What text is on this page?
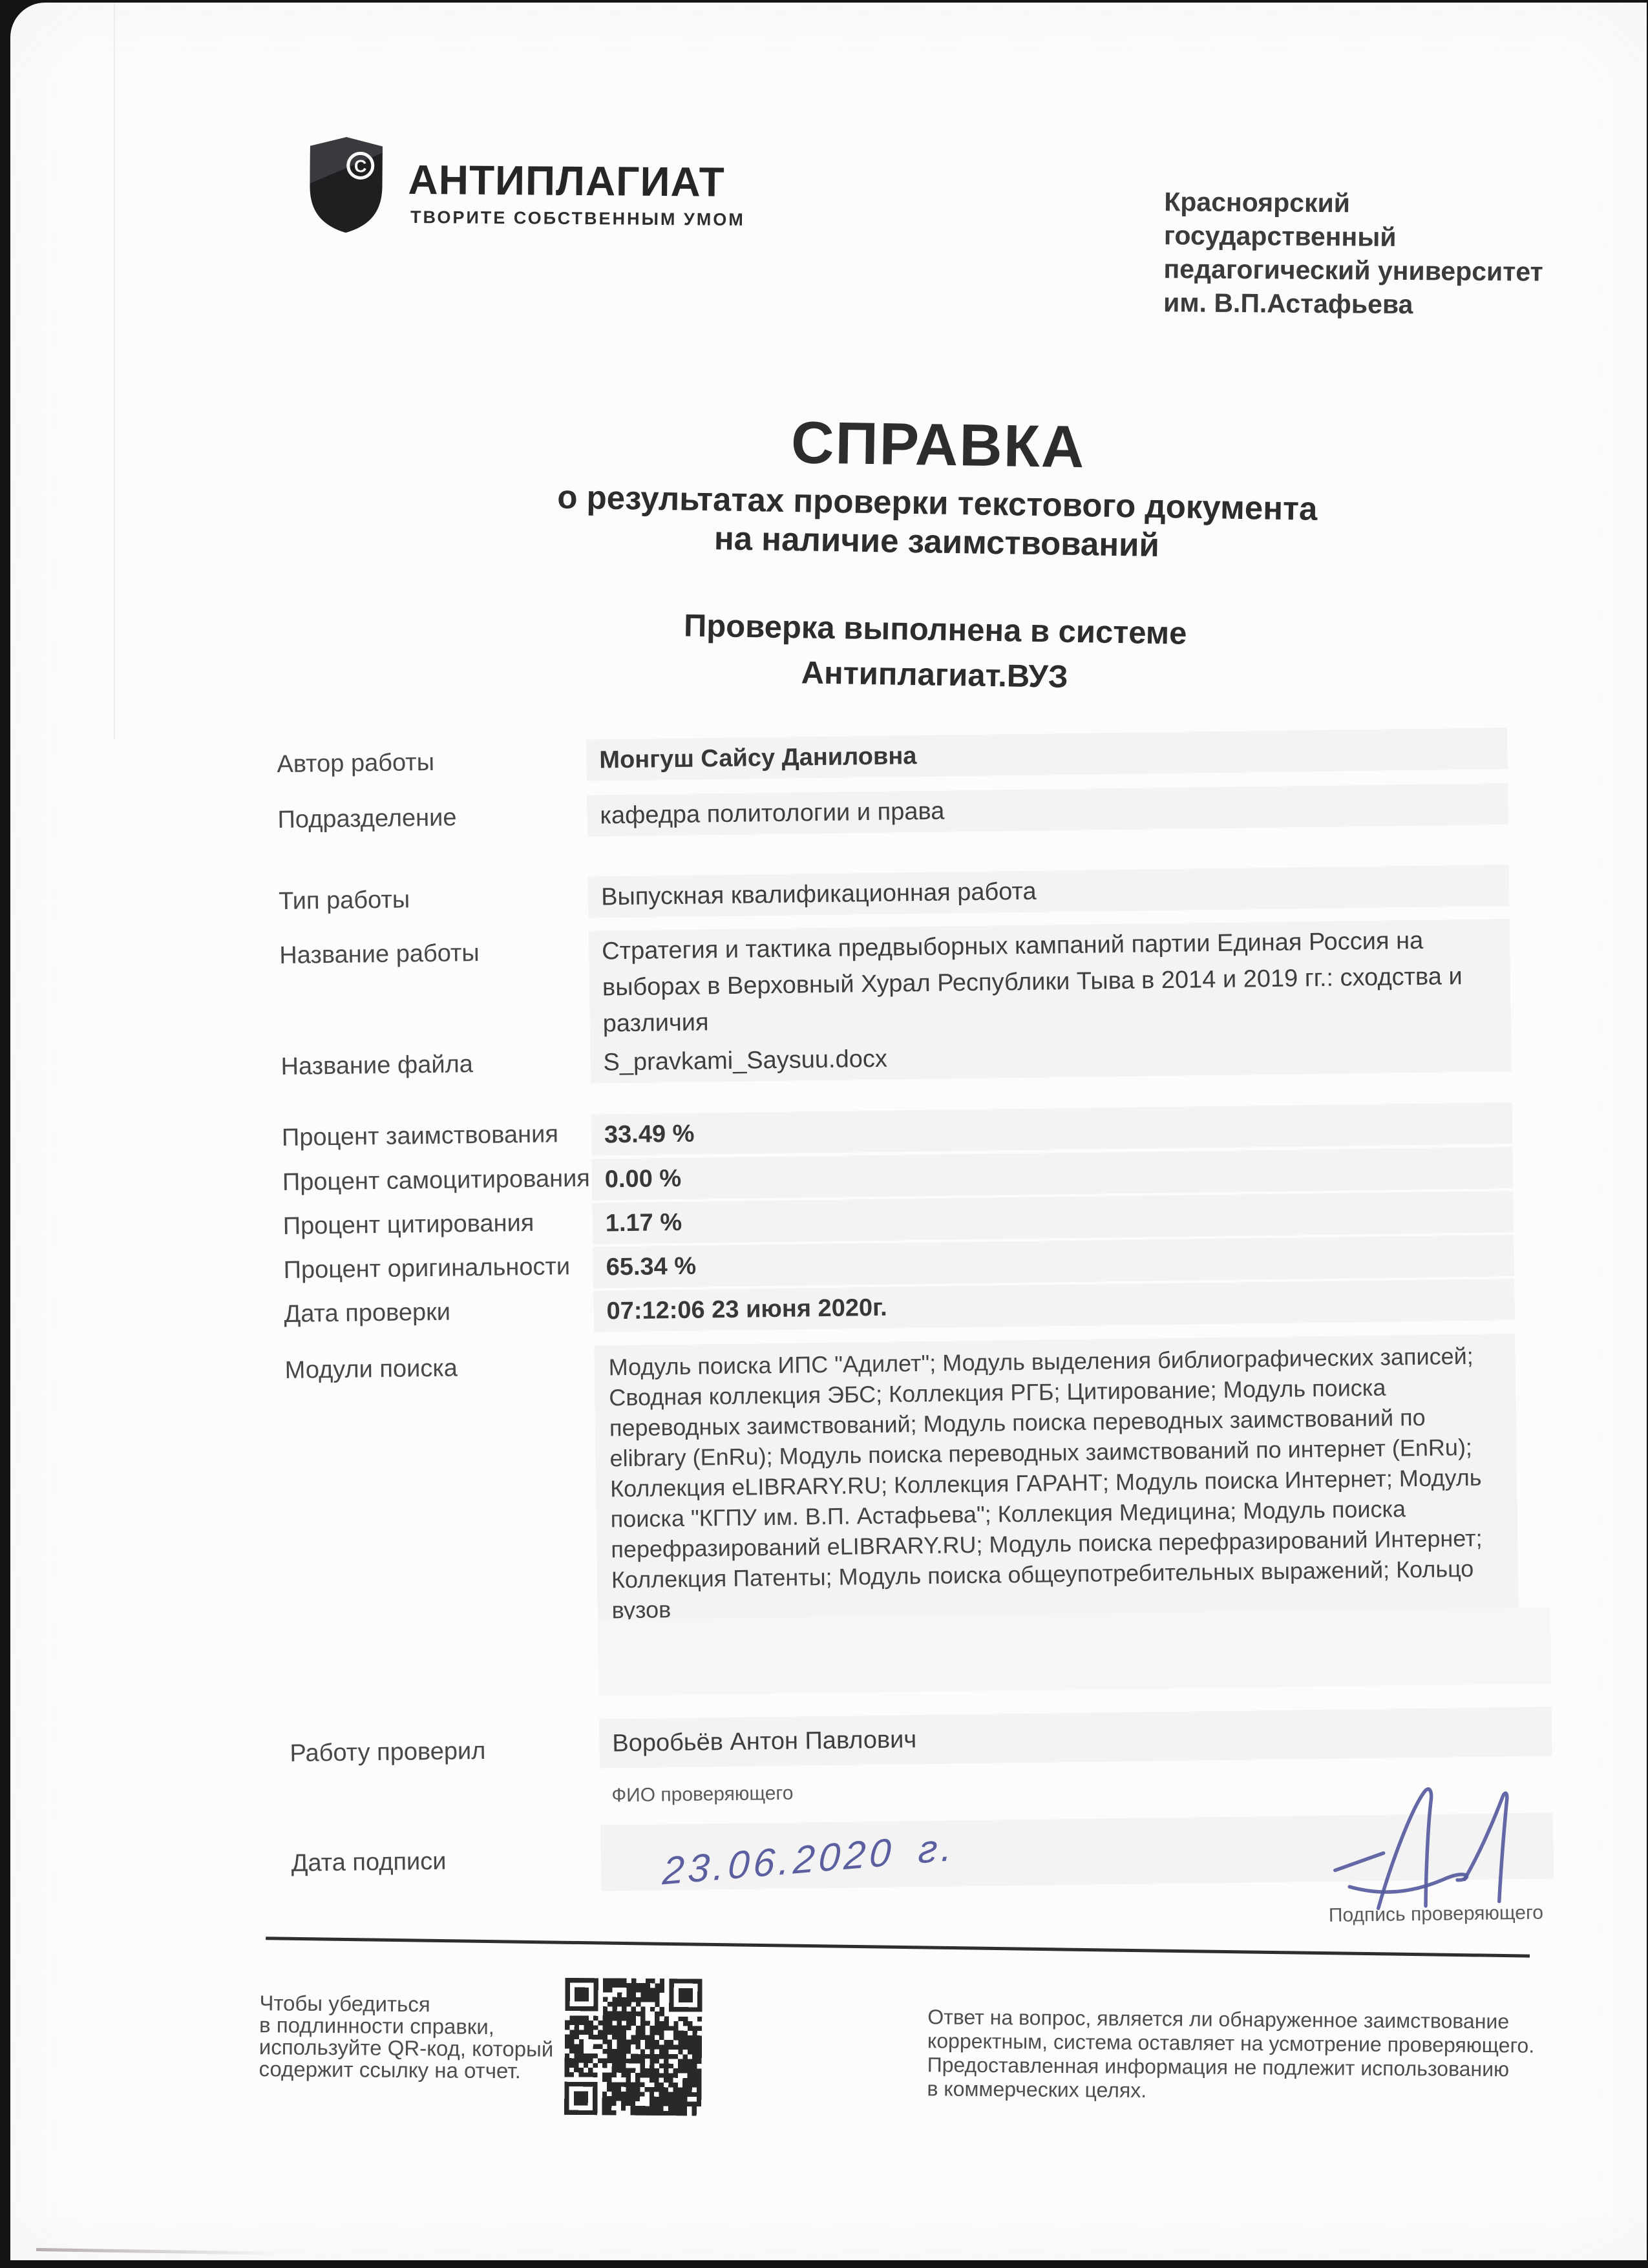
C АНТИПЛАГИАТ
ТВОРИТЕ СОБСТВЕННЫМ УМОМ
Красноярский
государственный
педагогический университет
им. В.П.Астафьева
СПРАВКА
о результатах проверки текстового документа
на наличие заимствований
Проверка выполнена в системе
Антиплагиат.ВУЗ
Автор работы	Монгуш Сайсу Даниловна
Подразделение	кафедра политологии и права
Тип работы	Выпускная квалификационная работа
Название работы	Стратегия и тактика предвыборных кампаний партии Единая Россия на выборах в Верховный Хурал Республики Тыва в 2014 и 2019 гг.: сходства и различия
Название файла	S_pravkami_Saysuu.docx
Процент заимствования 33.49 %
Процент самоцитирования 0.00 %
Процент цитирования	1.17 %
Процент оригинальности 65.34 %
Дата проверки	07:12:06 23 июня 2020г.
Модули поиска	Модуль поиска ИПС "Адилет"; Модуль выделения библиографических записей; Сводная коллекция ЭБС; Коллекция РГБ; Цитирование; Модуль поиска переводных заимствований; Модуль поиска переводных заимствований по elibrary (EnRu); Модуль поиска переводных заимствований по интернет (EnRu); Коллекция eLIBRARY.RU; Коллекция ГАРАНТ; Модуль поиска Интернет; Модуль поиска "КГПУ им. В.П. Астафьева"; Коллекция Медицина; Модуль поиска перефразирований eLIBRARY.RU; Модуль поиска перефразирований Интернет; Коллекция Патенты; Модуль поиска общеупотребительных выражений; Кольцо вузов
Работу проверил	Воробьёв Антон Павлович
ФИО проверяющего
Дата подписи	23.06.2020 г.
Подпись проверяющего
Чтобы убедиться
в подлинности справки,
используйте QR-код, который
содержит ссылку на отчет.
Ответ на вопрос, является ли обнаруженное заимствование
корректным, система оставляет на усмотрение проверяющего.
Предоставленная информация не подлежит использованию
в коммерческих целях.
